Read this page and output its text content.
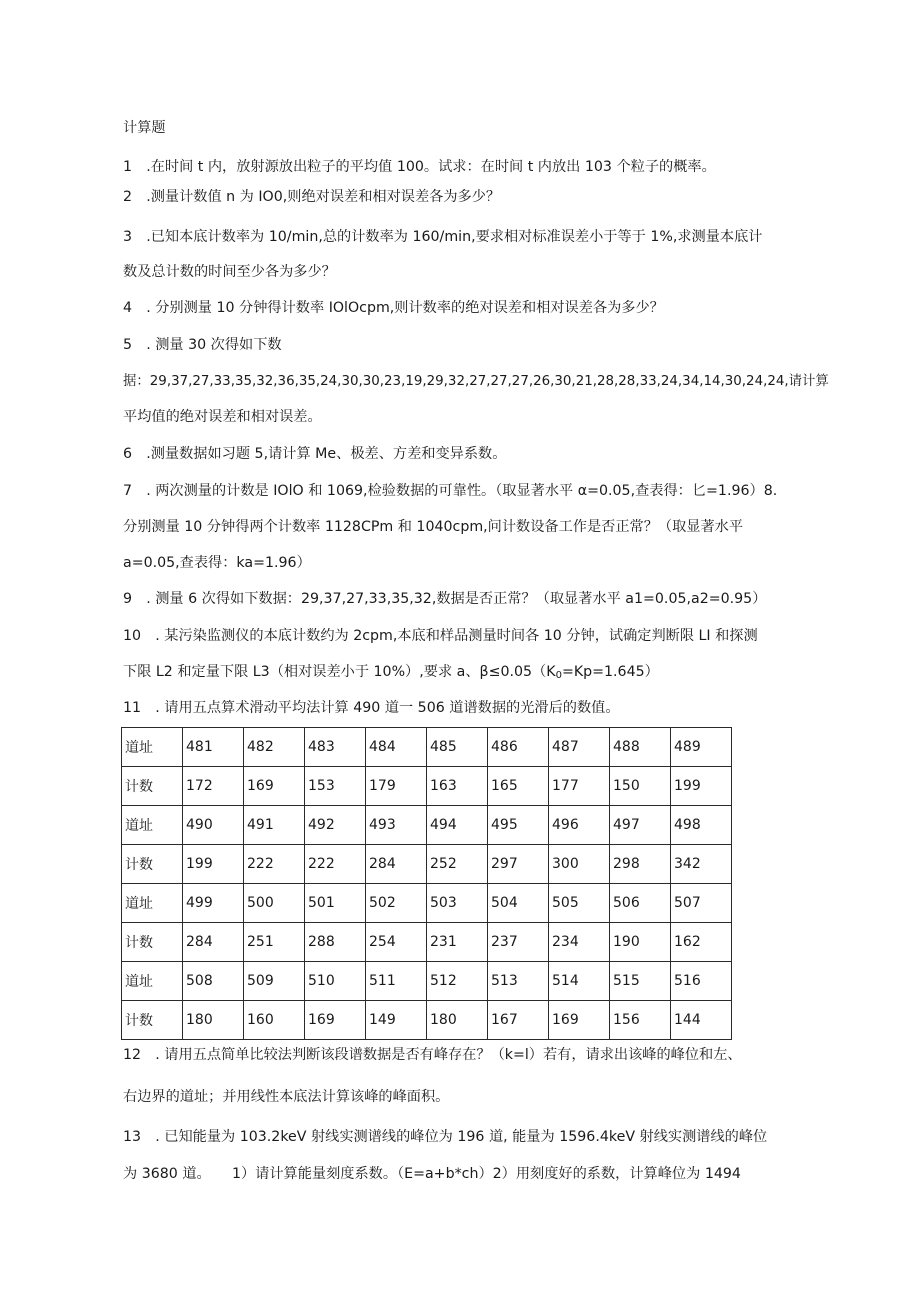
计算题
1　.在时间 t 内，放射源放出粒子的平均值 100。试求：在时间 t 内放出 103 个粒子的概率。
2　.测量计数值 n 为 IO0,则绝对误差和相对误差各为多少？
3　.已知本底计数率为 10∕min,总的计数率为 160/min,要求相对标准误差小于等于 1%,求测量本底计
数及总计数的时间至少各为多少？
4　. 分别测量 10 分钟得计数率 IOlOcpm,则计数率的绝对误差和相对误差各为多少？
5　. 测量 30 次得如下数
据：29,37,27,33,35,32,36,35,24,30,30,23,19,29,32,27,27,27,26,30,21,28,28,33,24,34,14,30,24,24,请计算
平均值的绝对误差和相对误差。
6　.测量数据如习题 5,请计算 Me、极差、方差和变异系数。
7　. 两次测量的计数是 IOlO 和 1069,检验数据的可靠性。（取显著水平 α=0.05,查表得：匕=1.96）8.
分别测量 10 分钟得两个计数率 1128CPm 和 1040cpm,问计数设备工作是否正常？（取显著水平
a=0.05,查表得：ka=1.96）
9　. 测量 6 次得如下数据：29,37,27,33,35,32,数据是否正常？（取显著水平 a1=0.05,a2=0.95）
10　. 某污染监测仪的本底计数约为 2cpm,本底和样品测量时间各 10 分钟，试确定判断限 LI 和探测
下限 L2 和定量下限 L3（相对误差小于 10%）,要求 a、$\beta\le 0.05(K_0=Kp=1.645)$
11　. 请用五点算术滑动平均法计算 490 道一 506 道谱数据的光滑后的数值。
道址	481	482	483	484	485	486	487	488	489
计数	172	169	153	179	163	165	177	150	199
道址	490	491	492	493	494	495	496	497	498
计数	199	222	222	284	252	297	300	298	342
道址	499	500	501	502	503	504	505	506	507
计数	284	251	288	254	231	237	234	190	162
道址	508	509	510	511	512	513	514	515	516
计数	180	160	169	149	180	167	169	156	144
12　. 请用五点简单比较法判断该段谱数据是否有峰存在？（k=l）若有，请求出该峰的峰位和左、
右边界的道址；并用线性本底法计算该峰的峰面积。
13　. 已知能量为 103.2keV 射线实测谱线的峰位为 196 道, 能量为 1596.4keV 射线实测谱线的峰位
为 3680 道。　　1）请计算能量刻度系数。（E=a+b*ch）2）用刻度好的系数，计算峰位为 1494
